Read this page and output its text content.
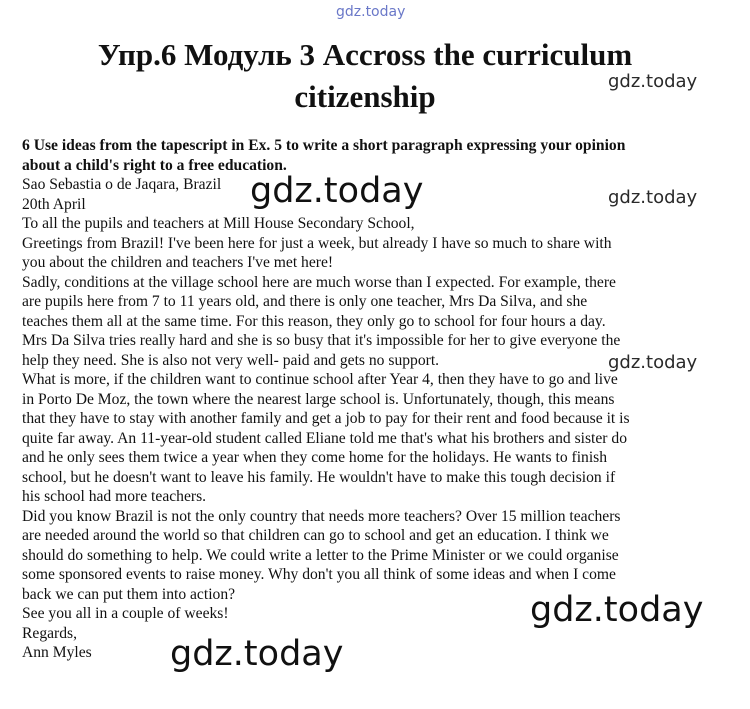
gdz.today
Упр.6 Модуль 3 Accross the curriculum
citizenship	gdz.today
6 Use ideas from the tapescript in Ex. 5 to write a short paragraph expressing your opinion
about a child's right to a free education.
Sao Sebastia o de Jaqara, Brazil
20th April
To all the pupils and teachers at Mill House Secondary School,
Greetings from Brazil! I've been here for just a week, but already I have so much to share with
you about the children and teachers I've met here!
Sadly, conditions at the village school here are much worse than I expected. For example, there
are pupils here from 7 to 11 years old, and there is only one teacher, Mrs Da Silva, and she
teaches them all at the same time. For this reason, they only go to school for four hours a day.
Mrs Da Silva tries really hard and she is so busy that it's impossible for her to give everyone the
help they need. She is also not very well- paid and gets no support.
What is more, if the children want to continue school after Year 4, then they have to go and live
in Porto De Moz, the town where the nearest large school is. Unfortunately, though, this means
that they have to stay with another family and get a job to pay for their rent and food because it is
quite far away. An 11-year-old student called Eliane told me that's what his brothers and sister do
and he only sees them twice a year when they come home for the holidays. He wants to finish
school, but he doesn't want to leave his family. He wouldn't have to make this tough decision if
his school had more teachers.
Did you know Brazil is not the only country that needs more teachers? Over 15 million teachers
are needed around the world so that children can go to school and get an education. I think we
should do something to help. We could write a letter to the Prime Minister or we could organise
some sponsored events to raise money. Why don't you all think of some ideas and when I come
back we can put them into action?
See you all in a couple of weeks!
Regards,
Ann Myles
gdz.today	gdz.today
gdz.today
gdz.today
gdz.today
